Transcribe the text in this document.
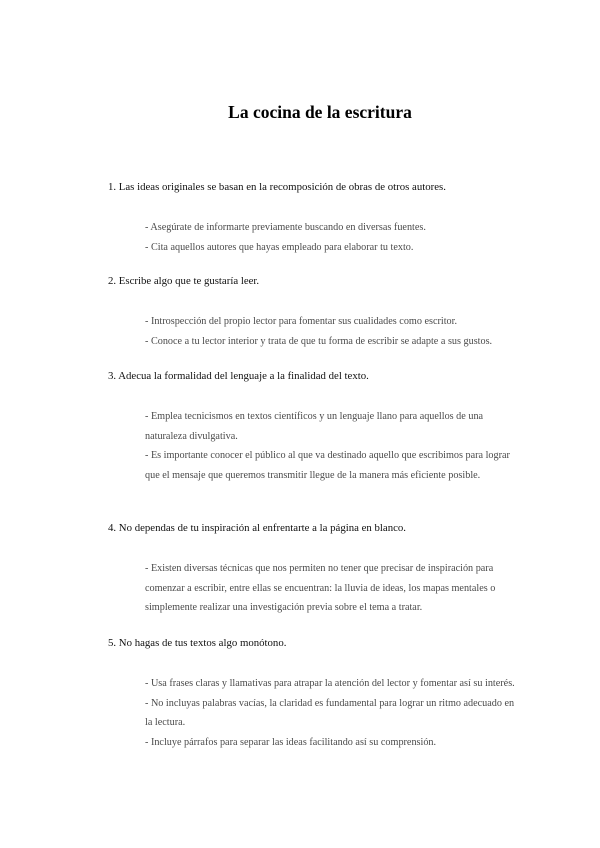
La cocina de la escritura
1. Las ideas originales se basan en la recomposición de obras de otros autores.
- Asegúrate de informarte previamente buscando en diversas fuentes.
- Cita aquellos autores que hayas empleado para elaborar tu texto.
2. Escribe algo que te gustaría leer.
- Introspección del propio lector para fomentar sus cualidades como escritor.
- Conoce a tu lector interior y trata de que tu forma de escribir se adapte a sus gustos.
3. Adecua la formalidad del lenguaje a la finalidad del texto.
- Emplea tecnicismos en textos científicos y un lenguaje llano para aquellos de una naturaleza divulgativa.
- Es importante conocer el público al que va destinado aquello que escribimos para lograr que el mensaje que queremos transmitir llegue de la manera más eficiente posible.
4. No dependas de tu inspiración al enfrentarte a la página en blanco.
- Existen diversas técnicas que nos permiten no tener que precisar de inspiración para comenzar a escribir, entre ellas se encuentran: la lluvia de ideas, los mapas mentales o simplemente realizar una investigación previa sobre el tema a tratar.
5. No hagas de tus textos algo monótono.
- Usa frases claras y llamativas para atrapar la atención del lector y fomentar así su interés.
- No incluyas palabras vacías, la claridad es fundamental para lograr un ritmo adecuado en la lectura.
- Incluye párrafos para separar las ideas facilitando así su comprensión.
